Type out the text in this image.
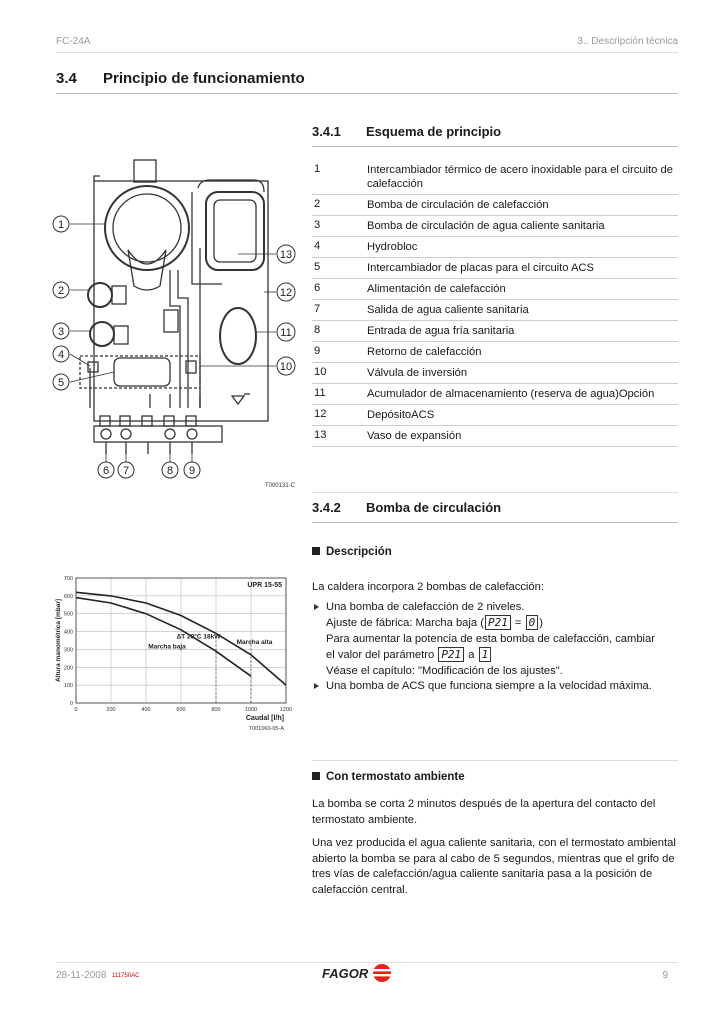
FC-24A	3.. Descripción técnica
3.4 Principio de funcionamiento
3.4.1 Esquema de principio
1	Intercambiador térmico de acero inoxidable para el circuito de calefacción
2	Bomba de circulación de calefacción
3	Bomba de circulación de agua caliente sanitaria
4	Hydrobloc
5	Intercambiador de placas para el circuito ACS
6	Alimentación de calefacción
7	Salida de agua caliente sanitaria
8	Entrada de agua fría sanitaria
9	Retorno de calefacción
10	Válvula de inversión
11	Acumulador de almacenamiento (reserva de agua)Opción
12	DepósitoACS
13	Vaso de expansión
1
2
3
4
5
13
12
11
10
6 7	8 9
T000131-C
0
100
200
300
400
500
600
700
0	200	400	600	800	1000	1200
UPR 15-55
ΔT 20°C 18kW
Marcha baja
Marcha alta
Caudal [l/h]
Altura manométrica [mbar]
T001060-05-A
3.4.2 Bomba de circulación
Descripción
La caldera incorpora 2 bombas de calefacción:
Una bomba de calefacción de 2 niveles.
Ajuste de fábrica: Marcha baja ( P21 = 0 )
Para aumentar la potencia de esta bomba de calefacción, cambiar
el valor del parámetro P21 a 1
Véase el capítulo: "Modificación de los ajustes".
Una bomba de ACS que funciona siempre a la velocidad máxima.
Con termostato ambiente
La bomba se corta 2 minutos después de la apertura del contacto del termostato ambiente.
Una vez producida el agua caliente sanitaria, con el termostato ambiental abierto la bomba se para al cabo de 5 segundos, mientras que el grifo de tres vías de calefacción/agua caliente sanitaria pasa a la posición de calefacción central.
28-11-2008 111750AC	FAGOR	9
